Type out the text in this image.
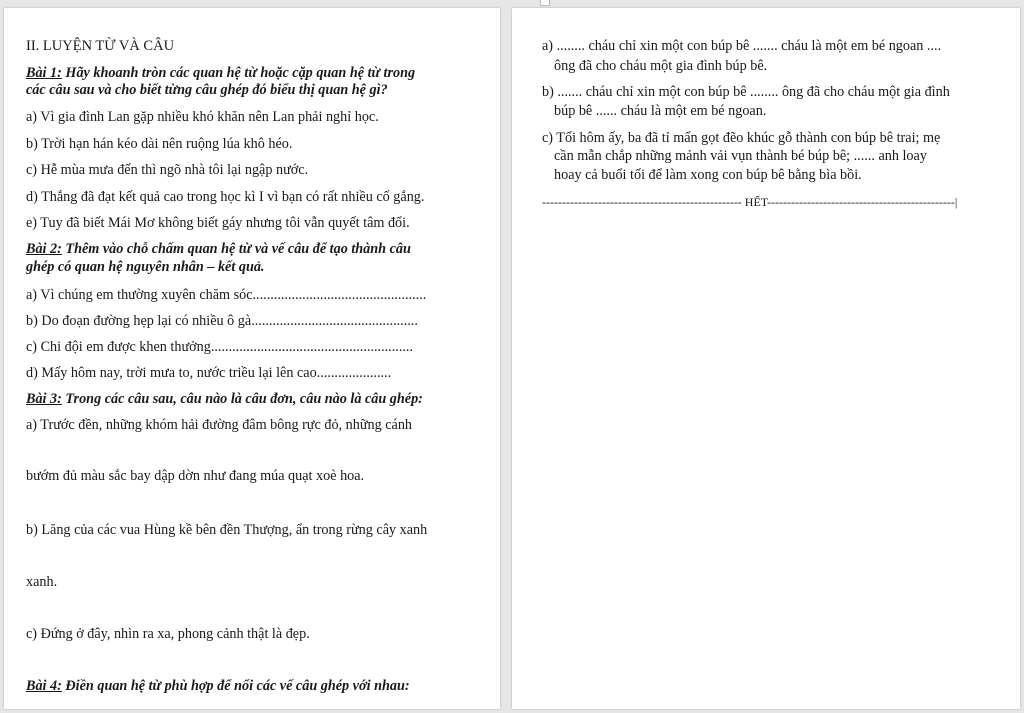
II. LUYỆN TỪ VÀ CÂU
Bài 1: Hãy khoanh tròn các quan hệ từ hoặc cặp quan hệ từ trong
các câu sau và cho biết từng câu ghép đó biểu thị quan hệ gì?
a) Vì gia đình Lan gặp nhiều khó khăn nên Lan phải nghỉ học.
b) Trời hạn hán kéo dài nên ruộng lúa khô héo.
c) Hễ mùa mưa đến thì ngõ nhà tôi lại ngập nước.
d) Thắng đã đạt kết quả cao trong học kì I vì bạn có rất nhiều cố gắng.
e) Tuy đã biết Mái Mơ không biết gáy nhưng tôi vẫn quyết tâm đổi.
Bài 2: Thêm vào chỗ chấm quan hệ từ và vế câu để tạo thành câu
ghép có quan hệ nguyên nhân – kết quả.
a) Vì chúng em thường xuyên chăm sóc.................................................
b) Do đoạn đường hẹp lại có nhiều ô gà...............................................
c) Chi đội em được khen thưởng.........................................................
d) Mấy hôm nay, trời mưa to, nước triều lại lên cao.....................
Bài 3: Trong các câu sau, câu nào là câu đơn, câu nào là câu ghép:
a) Trước đền, những khóm hải đường đâm bông rực đỏ, những cánh
bướm đủ màu sắc bay dập dờn như đang múa quạt xoè hoa.
b) Lăng của các vua Hùng kề bên đền Thượng, ẩn trong rừng cây xanh
xanh.
c) Đứng ở đây, nhìn ra xa, phong cảnh thật là đẹp.
Bài 4: Điền quan hệ từ phù hợp để nối các vế câu ghép với nhau:
a) ........ cháu chỉ xin một con búp bê ....... cháu là một em bé ngoan ....
ông đã cho cháu một gia đình búp bê.
b) ....... cháu chỉ xin một con búp bê ........ ông đã cho cháu một gia đình
búp bê ...... cháu là một em bé ngoan.
c) Tối hôm ấy, ba đã tỉ mẩn gọt đẽo khúc gỗ thành con búp bê trai; mẹ
cần mẫn chắp những mảnh vải vụn thành bé búp bê; ...... anh loay
hoay cả buổi tối để làm xong con búp bê bằng bìa bồi.
-------------------------------------------------- HẾT-----------------------------------------------|
